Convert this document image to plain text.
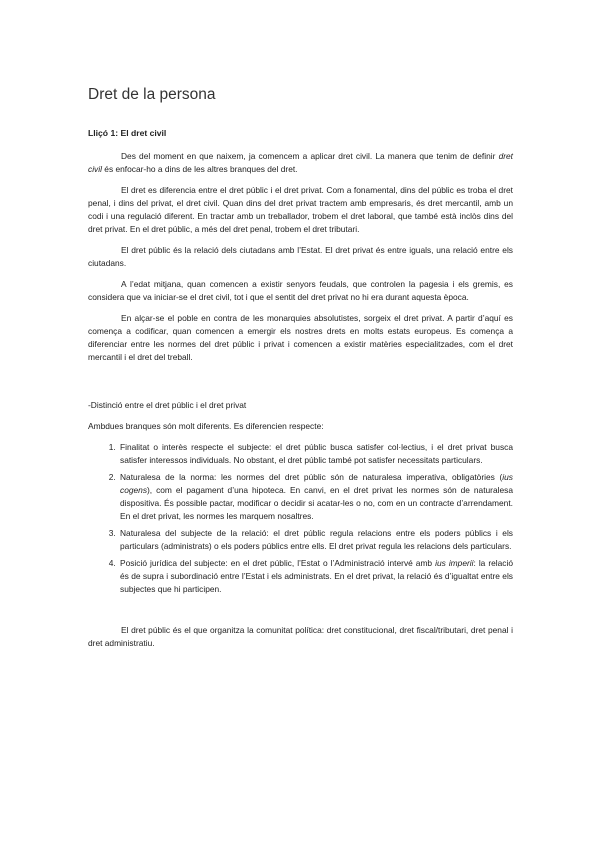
Dret de la persona
Lliçó 1: El dret civil

Des del moment en que naixem, ja comencem a aplicar dret civil. La manera que tenim de definir dret civil és enfocar-ho a dins de les altres branques del dret.

El dret es diferencia entre el dret públic i el dret privat. Com a fonamental, dins del públic es troba el dret penal, i dins del privat, el dret civil. Quan dins del dret privat tractem amb empresaris, és dret mercantil, amb un codi i una regulació diferent. En tractar amb un treballador, trobem el dret laboral, que també està inclòs dins del dret privat. En el dret públic, a més del dret penal, trobem el dret tributari.

El dret públic és la relació dels ciutadans amb l’Estat. El dret privat és entre iguals, una relació entre els ciutadans.

A l’edat mitjana, quan comencen a existir senyors feudals, que controlen la pagesia i els gremis, es considera que va iniciar-se el dret civil, tot i que el sentit del dret privat no hi era durant aquesta època.

En alçar-se el poble en contra de les monarquies absolutistes, sorgeix el dret privat. A partir d’aquí es comença a codificar, quan comencen a emergir els nostres drets en molts estats europeus. Es comença a diferenciar entre les normes del dret públic i privat i comencen a existir matèries especialitzades, com el dret mercantil i el dret del treball.

-Distinció entre el dret públic i el dret privat

Ambdues branques són molt diferents. Es diferencien respecte:

1. Finalitat o interès respecte el subjecte: el dret públic busca satisfer col·lectius, i el dret privat busca satisfer interessos individuals. No obstant, el dret públic també pot satisfer necessitats particulars.
2. Naturalesa de la norma: les normes del dret públic són de naturalesa imperativa, obligatòries (ius cogens), com el pagament d’una hipoteca. En canvi, en el dret privat les normes són de naturalesa dispositiva. És possible pactar, modificar o decidir si acatar-les o no, com en un contracte d’arrendament. En el dret privat, les normes les marquem nosaltres.
3. Naturalesa del subjecte de la relació: el dret públic regula relacions entre els poders públics i els particulars (administrats) o els poders públics entre ells. El dret privat regula les relacions dels particulars.
4. Posició jurídica del subjecte: en el dret públic, l’Estat o l’Administració intervé amb ius imperii: la relació és de supra i subordinació entre l’Estat i els administrats. En el dret privat, la relació és d’igualtat entre els subjectes que hi participen.

El dret públic és el que organitza la comunitat política: dret constitucional, dret fiscal/tributari, dret penal i dret administratiu.
